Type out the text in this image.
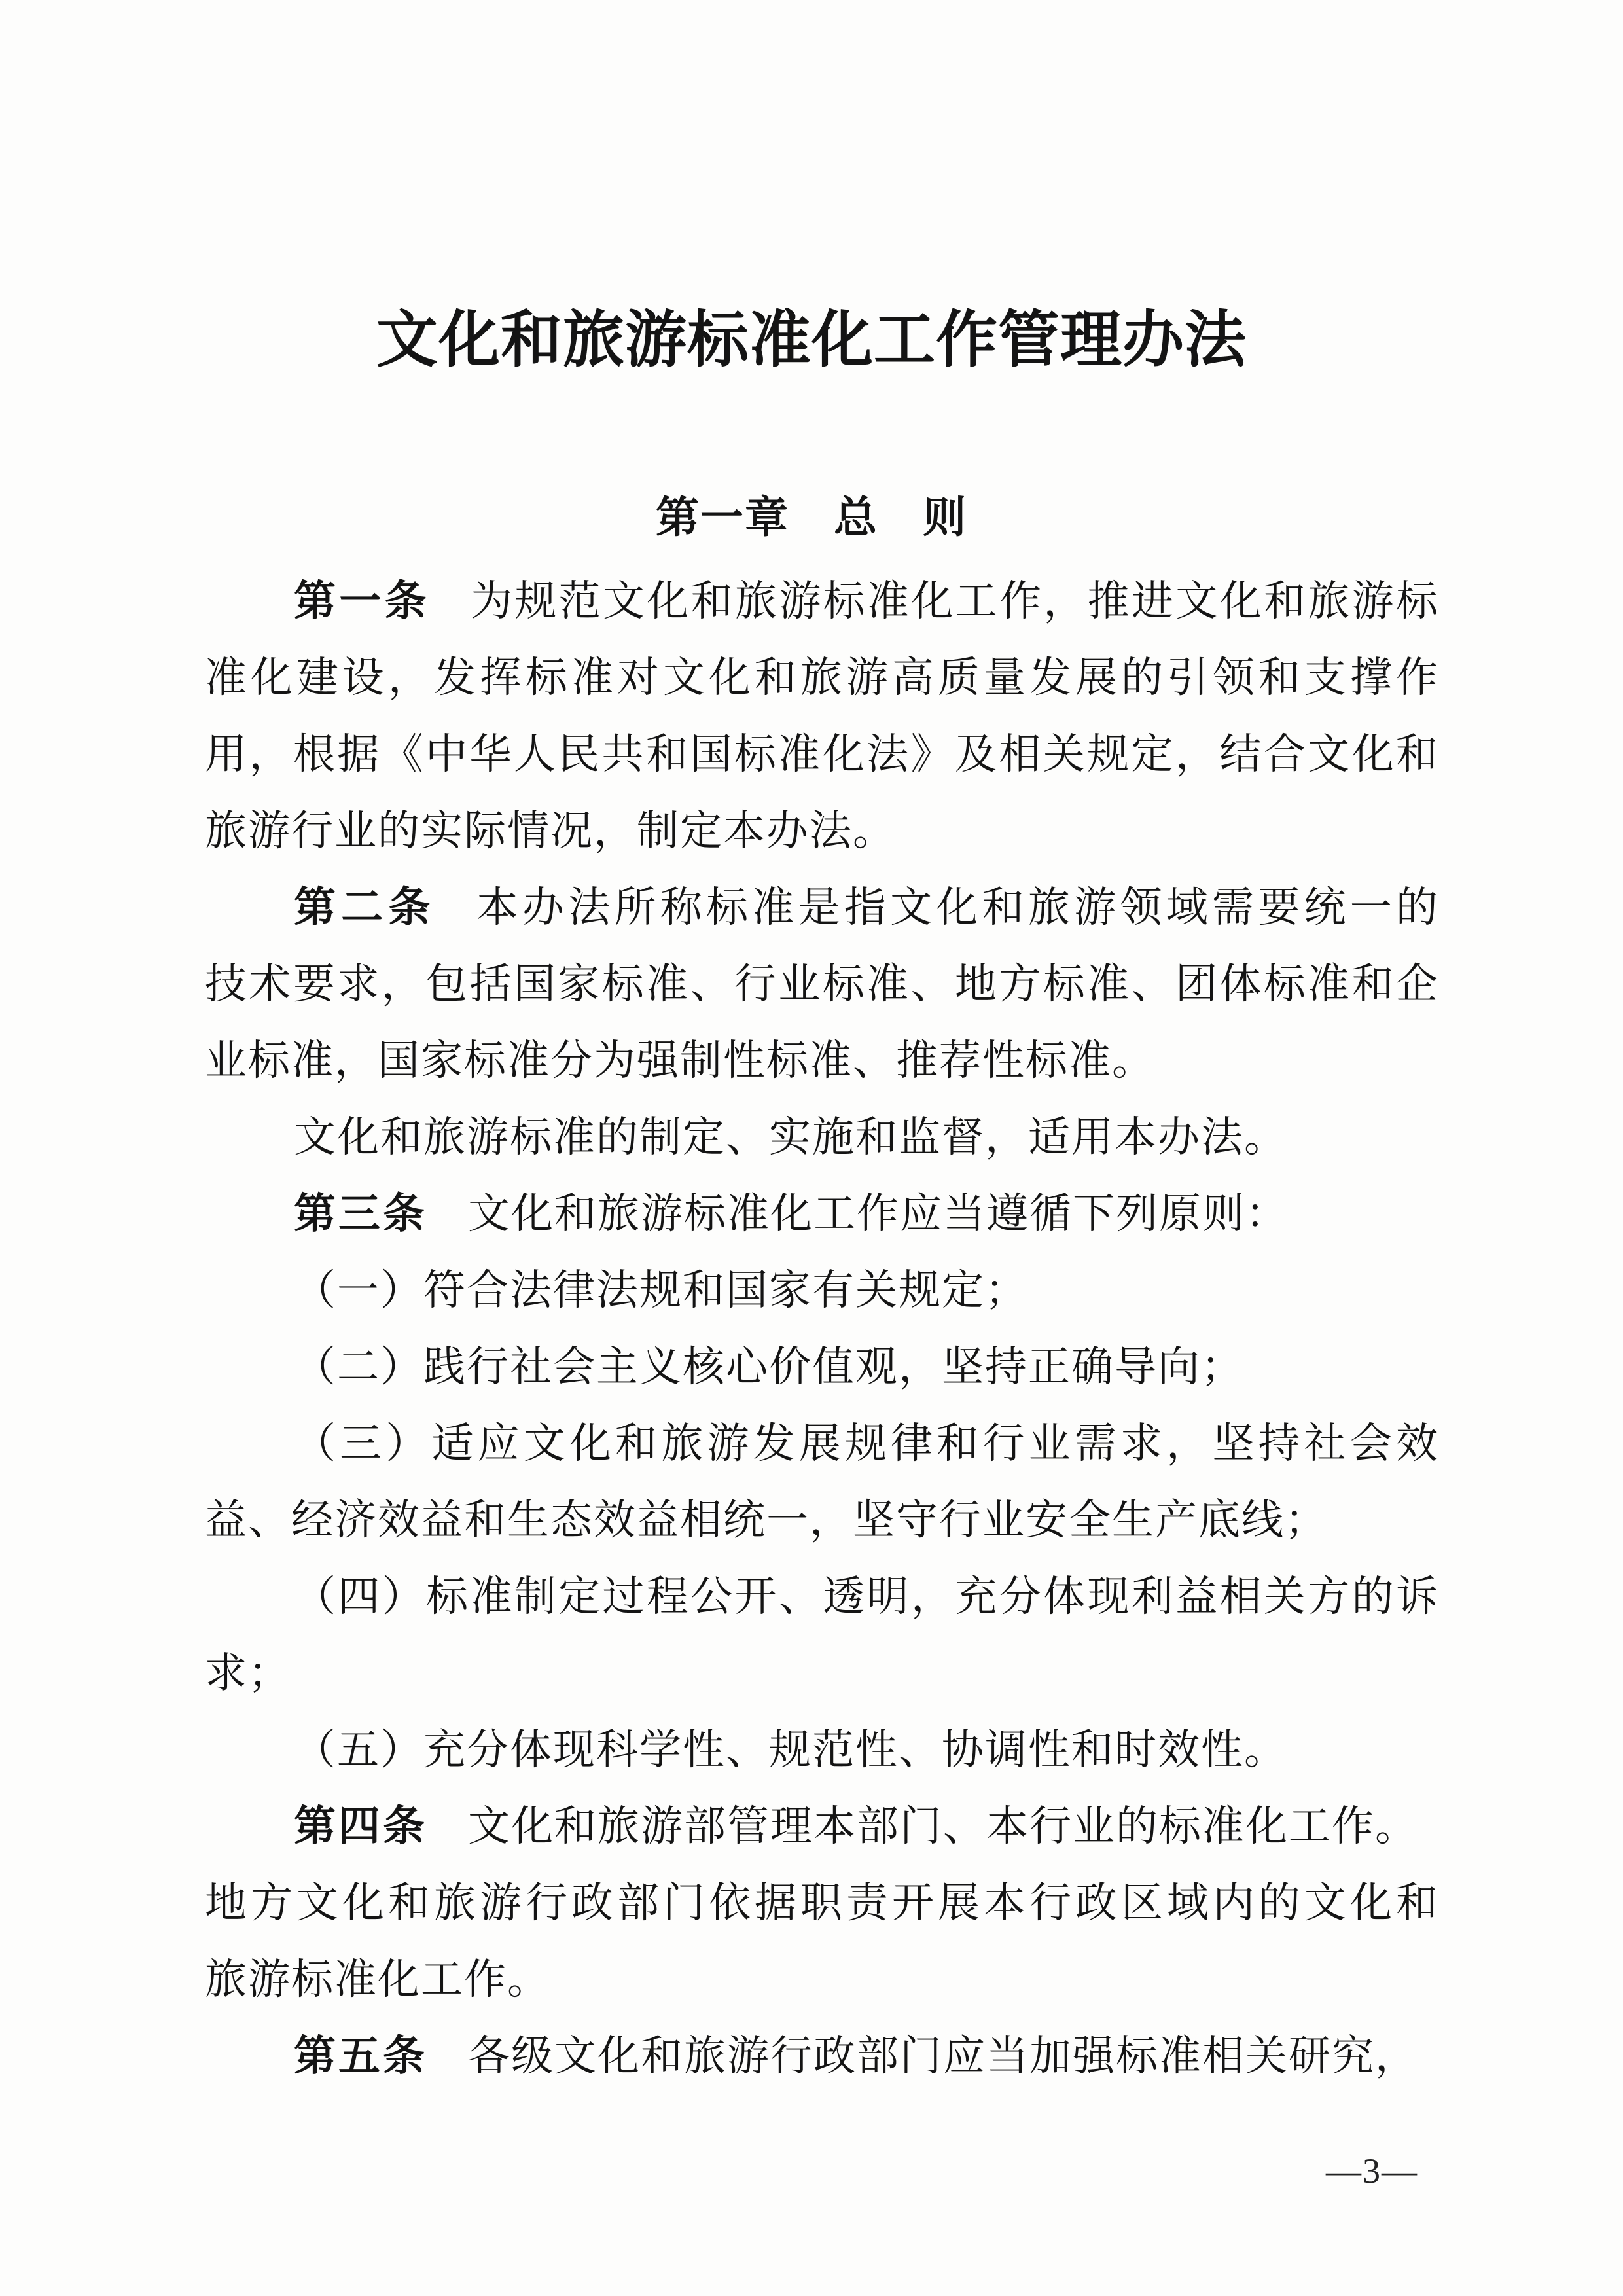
文化和旅游标准化工作管理办法
第一章　总　则
第一条 为规范文化和旅游标准化工作，推进文化和旅游标
准化建设，发挥标准对文化和旅游高质量发展的引领和支撑作
用，根据《中华人民共和国标准化法》及相关规定，结合文化和
旅游行业的实际情况，制定本办法。
第二条 本办法所称标准是指文化和旅游领域需要统一的
技术要求，包括国家标准、行业标准、地方标准、团体标准和企
业标准，国家标准分为强制性标准、推荐性标准。
文化和旅游标准的制定、实施和监督，适用本办法。
第三条 文化和旅游标准化工作应当遵循下列原则：
（一）符合法律法规和国家有关规定；
（二）践行社会主义核心价值观，坚持正确导向；
（三）适应文化和旅游发展规律和行业需求，坚持社会效
益、经济效益和生态效益相统一，坚守行业安全生产底线；
（四）标准制定过程公开、透明，充分体现利益相关方的诉
求；
（五）充分体现科学性、规范性、协调性和时效性。
第四条 文化和旅游部管理本部门、本行业的标准化工作。
地方文化和旅游行政部门依据职责开展本行政区域内的文化和
旅游标准化工作。
第五条 各级文化和旅游行政部门应当加强标准相关研究，
—3—
